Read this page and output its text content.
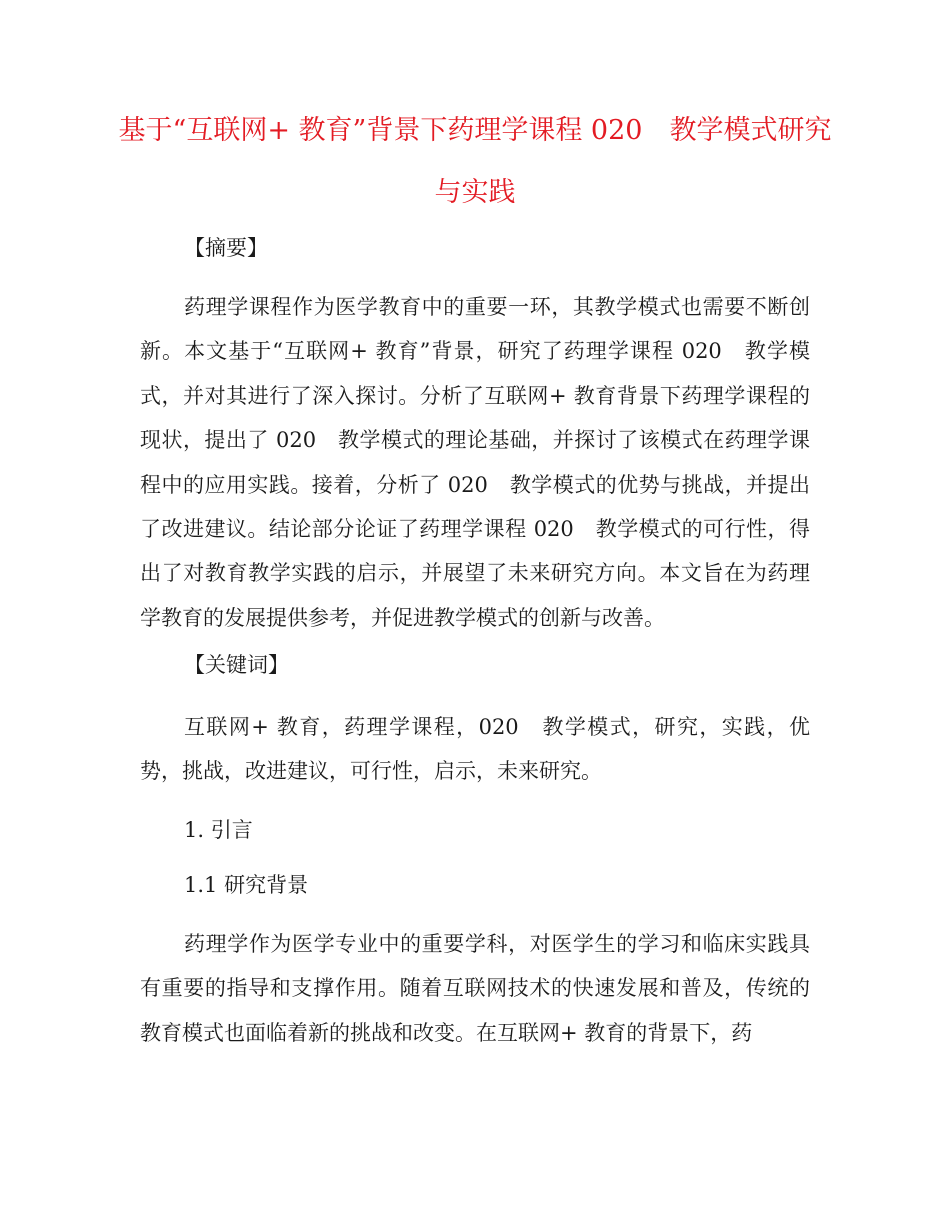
基于“互联网+ 教育”背景下药理学课程 020　教学模式研究与实践

【摘要】

药理学课程作为医学教育中的重要一环，其教学模式也需要不断创新。本文基于“互联网+ 教育”背景，研究了药理学课程 020　教学模式，并对其进行了深入探讨。分析了互联网+ 教育背景下药理学课程的现状，提出了 020　教学模式的理论基础，并探讨了该模式在药理学课程中的应用实践。接着，分析了 020　教学模式的优势与挑战，并提出了改进建议。结论部分论证了药理学课程 020　教学模式的可行性，得出了对教育教学实践的启示，并展望了未来研究方向。本文旨在为药理学教育的发展提供参考，并促进教学模式的创新与改善。

【关键词】

互联网+ 教育，药理学课程，020　教学模式，研究，实践，优势，挑战，改进建议，可行性，启示，未来研究。

1. 引言

1.1 研究背景

药理学作为医学专业中的重要学科，对医学生的学习和临床实践具有重要的指导和支撑作用。随着互联网技术的快速发展和普及，传统的教育模式也面临着新的挑战和改变。在互联网+ 教育的背景下，药
